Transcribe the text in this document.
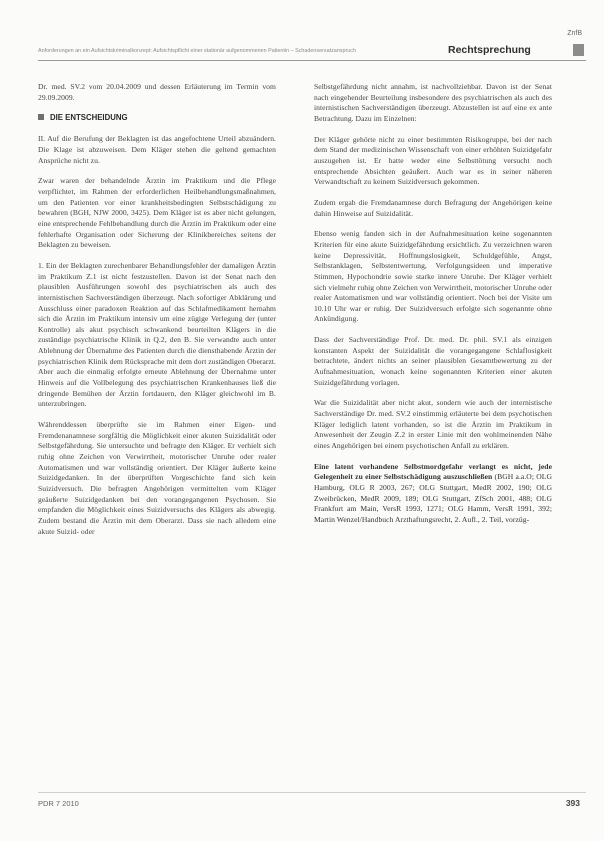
ZnfB
Anforderungen an ein Aufsichtskriminalkonzept: Aufsichtspflicht einer stationär aufgenommenen Patientin – Schadensersatzanspruch	Rechtsprechung

Dr. med. SV.2 vom 20.04.2009 und dessen Erläuterung im Termin vom 29.09.2009.

DIE ENTSCHEIDUNG

II. Auf die Berufung der Beklagten ist das angefochtene Urteil abzuändern. Die Klage ist abzuweisen. Dem Kläger stehen die geltend gemachten Ansprüche nicht zu.

Zwar waren der behandelnde Ärztin im Praktikum und die Pflege verpflichtet, im Rahmen der erforderlichen Heilbehandlungsmaßnahmen, um den Patienten vor einer krankheitsbedingten Selbstschädigung zu bewahren (BGH, NJW 2000, 3425). Dem Kläger ist es aber nicht gelungen, eine entsprechende Fehlbehandlung durch die Ärztin im Praktikum oder eine fehlerhafte Organisation oder Sicherung der Klinikbereiches seitens der Beklagten zu beweisen.

1. Ein der Beklagten zurechenbarer Behandlungsfehler der damaligen Ärztin im Praktikum Z.1 ist nicht festzustellen. Davon ist der Senat nach den plausiblen Ausführungen sowohl des psychiatrischen als auch des internistischen Sachverständigen überzeugt. Nach sofortiger Abklärung und Ausschluss einer paradoxen Reaktion auf das Schlafmedikament hernahm sich die Ärztin im Praktikum intensiv um eine zügige Verlegung der (unter Kontrolle) als akut psychisch schwankend beurteilten Klägers in die zuständige psychiatrische Klinik in Q.2, den B. Sie verwandte auch unter Ablehnung der Übernahme des Patienten durch die diensthabende Ärztin der psychiatrischen Klinik dem Rücksprache mit dem dort zuständigen Oberarzt. Aber auch die einmalig erfolgte erneute Ablehnung der Übernahme unter Hinweis auf die Vollbelegung des psychiatrischen Krankenhauses ließ die dringende Bemühen der Ärztin fortdauern, den Kläger gleichwohl im B. unterzubringen.

Währenddessen überprüfte sie im Rahmen einer Eigen- und Fremdenanamnese sorgfältig die Möglichkeit einer akuten Suizidalität oder Selbstgefährdung. Sie untersuchte und befragte den Kläger. Er verhielt sich ruhig ohne Zeichen von Verwirrtheit, motorischer Unruhe oder realer Automatismen und war vollständig orientiert. Der Kläger äußerte keine Suizidgedanken. In der überprüften Vorgeschichte fand sich kein Suizidversuch. Die befragten Angehörigen vermittelten vom Kläger geäußerte Suizidgedanken bei den vorangegangenen Psychosen. Sie empfanden die Möglichkeit eines Suizidversuchs des Klägers als abwegig. Zudem bestand die Ärztin mit dem Oberarzt. Dass sie nach alledem eine akute Suizid- oder

Selbstgefährdung nicht annahm, ist nachvollziehbar. Davon ist der Senat nach eingehender Beurteilung insbesondere des psychiatrischen als auch des internistischen Sachverständigen überzeugt. Abzustellen ist auf eine ex ante Betrachtung. Dazu im Einzelnen:

Der Kläger gehörte nicht zu einer bestimmten Risikogruppe, bei der nach dem Stand der medizinischen Wissenschaft von einer erhöhten Suizidgefahr auszugehen ist. Er hatte weder eine Selbsttötung versucht noch entsprechende Absichten geäußert. Auch war es in seiner näheren Verwandtschaft zu keinem Suizidversuch gekommen.

Zudem ergab die Fremdanamnese durch Befragung der Angehörigen keine dahin Hinweise auf Suizidalität.

Ebenso wenig fanden sich in der Aufnahmesituation keine sogenannten Kriterien für eine akute Suizidgefährdung ersichtlich. Zu verzeichnen waren keine Depressivität, Hoffnungslosigkeit, Schuldgefühle, Angst, Selbstanklagen, Selbstentwertung, Verfolgungsideen und imperative Stimmen, Hypochondrie sowie starke innere Unruhe. Der Kläger verhielt sich vielmehr ruhig ohne Zeichen von Verwirrtheit, motorischer Unruhe oder realer Automatismen und war vollständig orientiert. Noch bei der Visite um 10.10 Uhr war er ruhig. Der Suizidversuch erfolgte sich sogenannte ohne Ankündigung.

Dass der Sachverständige Prof. Dr. med. Dr. phil. SV.1 als einzigen konstanten Aspekt der Suizidalität die vorangegangene Schlaflosigkeit betrachtete, ändert nichts an seiner plausiblen Gesamtbewertung zu der Aufnahmesituation, wonach keine sogenannten Kriterien einer akuten Suizidgefährdung vorlagen.

War die Suizidalität aber nicht akut, sondern wie auch der internistische Sachverständige Dr. med. SV.2 einstimmig erläuterte bei dem psychotischen Kläger lediglich latent vorhanden, so ist die Ärztin im Praktikum in Anwesenheit der Zeugin Z.2 in erster Linie mit den wohlmeinenden Nähe eines Angehörigen bei einem psychotischen Anfall zu erklären.

Eine latent vorhandene Selbstmordgefahr verlangt es nicht, jede Gelegenheit zu einer Selbstschädigung auszuschließen (BGH a.a.O; OLG Hamburg, OLG R 2003, 267; OLG Stuttgart, MedR 2002, 190; OLG Zweibrücken, MedR 2009, 189; OLG Stuttgart, ZfSch 2001, 488; OLG Frankfurt am Main, VersR 1993, 1271; OLG Hamm, VersR 1991, 392; Martin Wenzel/Handbuch Arzthaftungsrecht, 2. Aufl., 2. Teil, vorzüg-

PDR 7 2010	393
